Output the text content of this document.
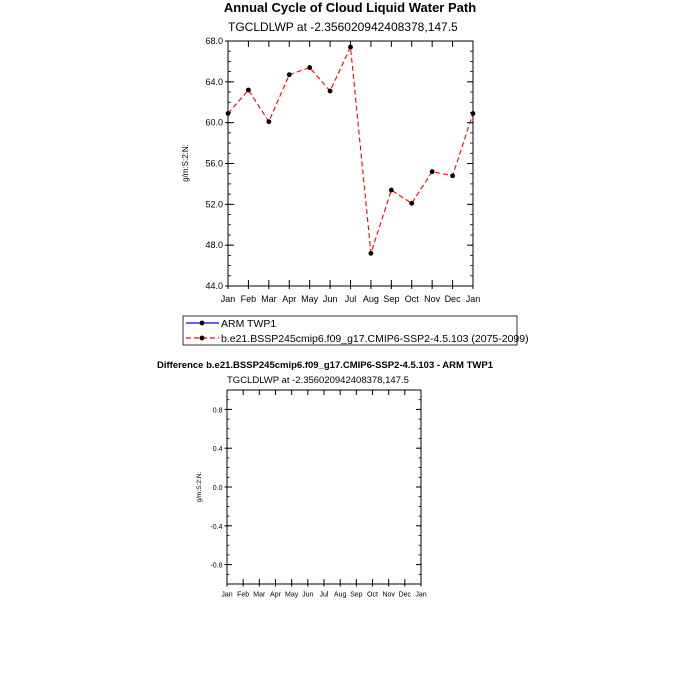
Annual Cycle of Cloud Liquid Water Path
TGCLDLWP at -2.356020942408378,147.5
g/m:S:2:N:
44.0
48.0
52.0
56.0
60.0
64.0
68.0
Jan Feb Mar Apr May Jun Jul Aug Sep Oct Nov Dec Jan
ARM TWP1
b.e21.BSSP245cmip6.f09_g17.CMIP6-SSP2-4.5.103 (2075-2099)
Difference b.e21.BSSP245cmip6.f09_g17.CMIP6-SSP2-4.5.103 - ARM TWP1
TGCLDLWP at -2.356020942408378,147.5
g/m:S:2:N:
0.8
0.4
0.0
-0.4
-0.8
Jan Feb Mar Apr May Jun Jul Aug Sep Oct Nov Dec Jan
